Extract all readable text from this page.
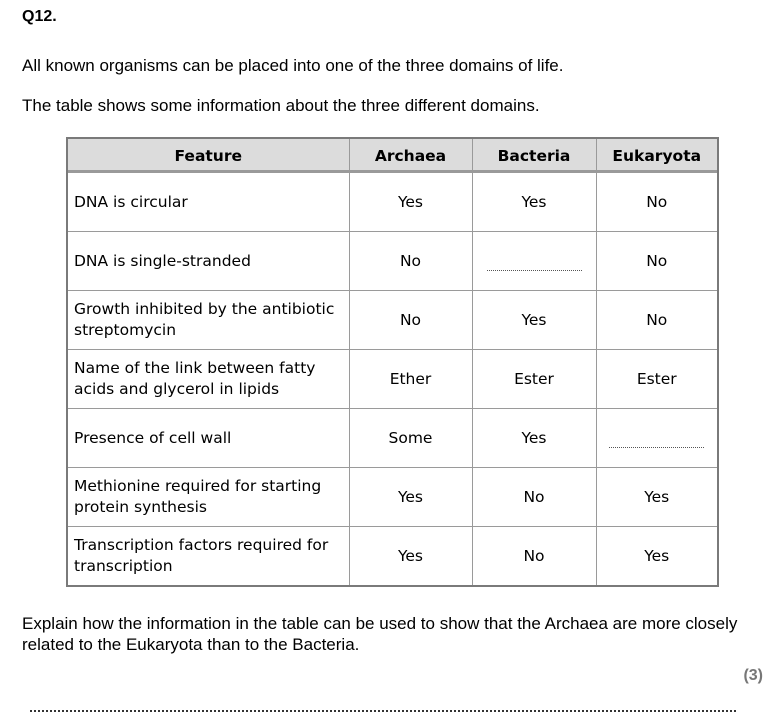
Q12.
All known organisms can be placed into one of the three domains of life.
The table shows some information about the three different domains.
Feature	Archaea	Bacteria	Eukaryota
DNA is circular	Yes	Yes	No
DNA is single-stranded	No		No
Growth inhibited by the antibiotic streptomycin	No	Yes	No
Name of the link between fatty acids and glycerol in lipids	Ether	Ester	Ester
Presence of cell wall	Some	Yes	
Methionine required for starting protein synthesis	Yes	No	Yes
Transcription factors required for transcription	Yes	No	Yes
Explain how the information in the table can be used to show that the Archaea are more closely related to the Eukaryota than to the Bacteria.
(3)
